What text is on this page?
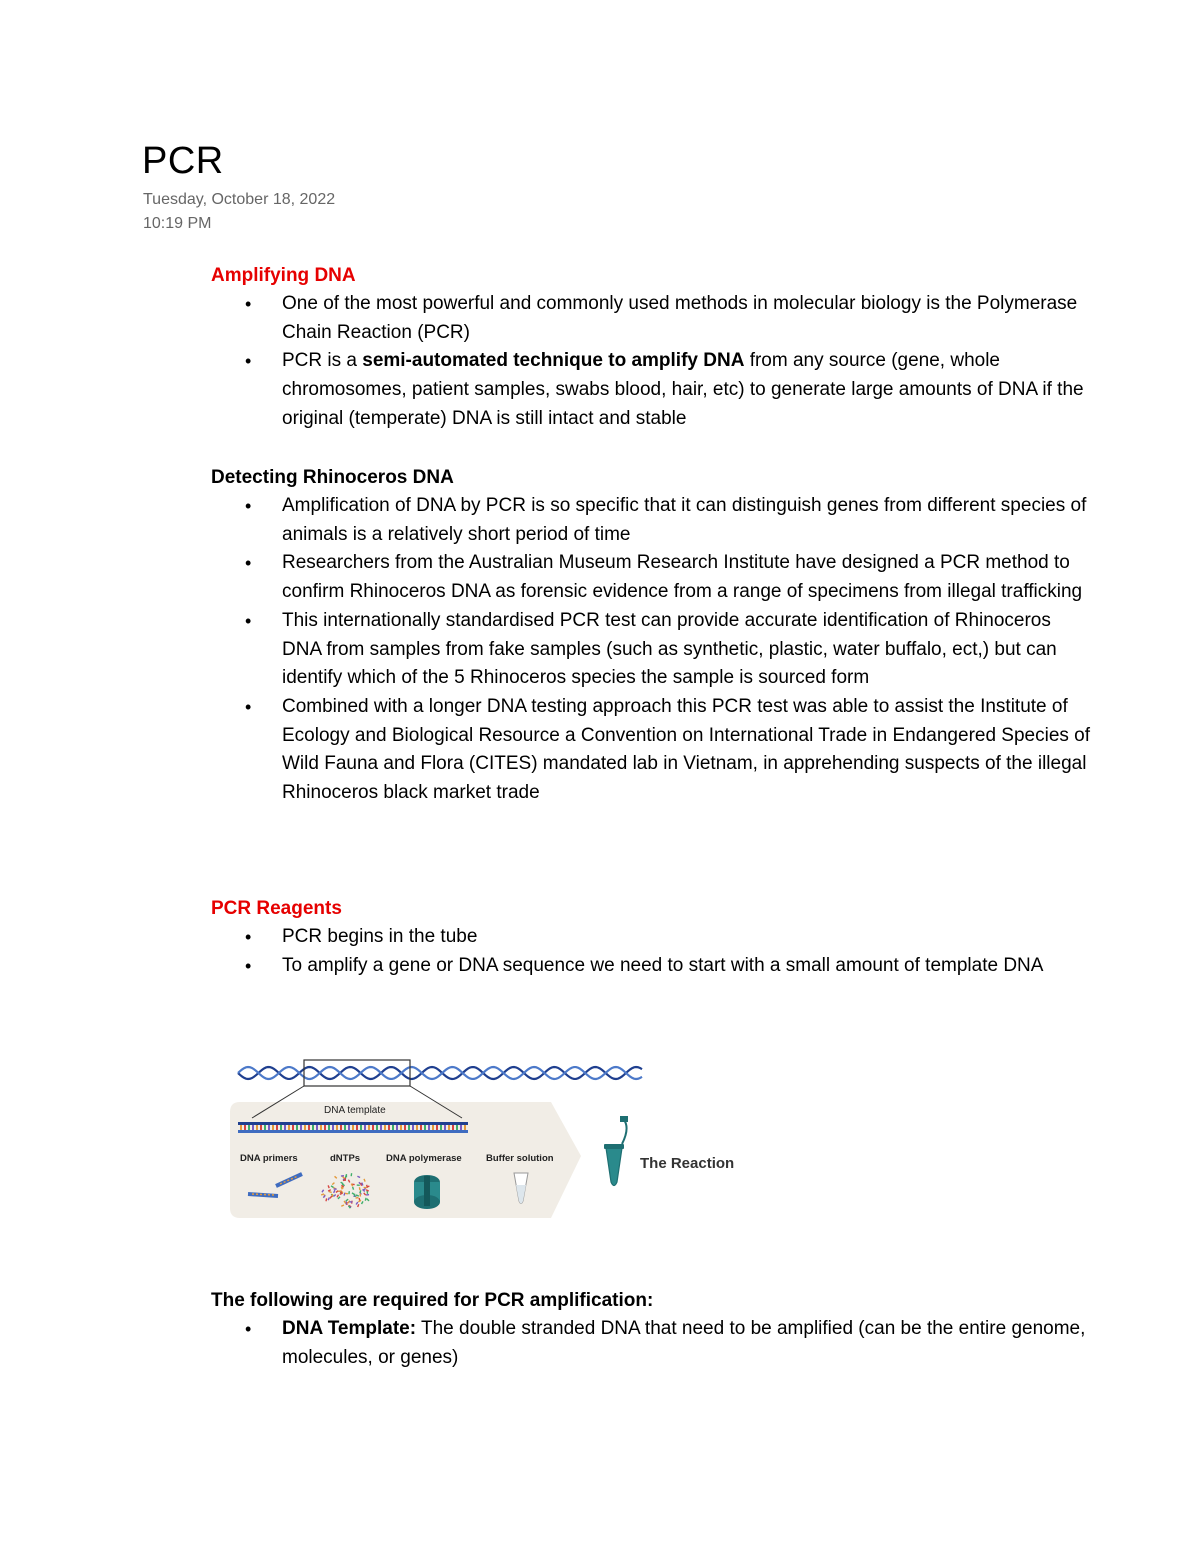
PCR
Tuesday, October 18, 2022
10:19 PM
Amplifying DNA
• One of the most powerful and commonly used methods in molecular biology is the Polymerase Chain Reaction (PCR)
• PCR is a semi-automated technique to amplify DNA from any source (gene, whole chromosomes, patient samples, swabs blood, hair, etc) to generate large amounts of DNA if the original (temperate) DNA is still intact and stable
Detecting Rhinoceros DNA
• Amplification of DNA by PCR is so specific that it can distinguish genes from different species of animals is a relatively short period of time
• Researchers from the Australian Museum Research Institute have designed a PCR method to confirm Rhinoceros DNA as forensic evidence from a range of specimens from illegal trafficking
• This internationally standardised PCR test can provide accurate identification of Rhinoceros DNA from samples from fake samples (such as synthetic, plastic, water buffalo, ect,) but can identify which of the 5 Rhinoceros species the sample is sourced form
• Combined with a longer DNA testing approach this PCR test was able to assist the Institute of Ecology and Biological Resource a Convention on International Trade in Endangered Species of Wild Fauna and Flora (CITES) mandated lab in Vietnam, in apprehending suspects of the illegal Rhinoceros black market trade
PCR Reagents
• PCR begins in the tube
• To amplify a gene or DNA sequence we need to start with a small amount of template DNA
DNA template
DNA primers	dNTPs	DNA polymerase	Buffer solution	The Reaction
The following are required for PCR amplification:
• DNA Template: The double stranded DNA that need to be amplified (can be the entire genome, molecules, or genes)
